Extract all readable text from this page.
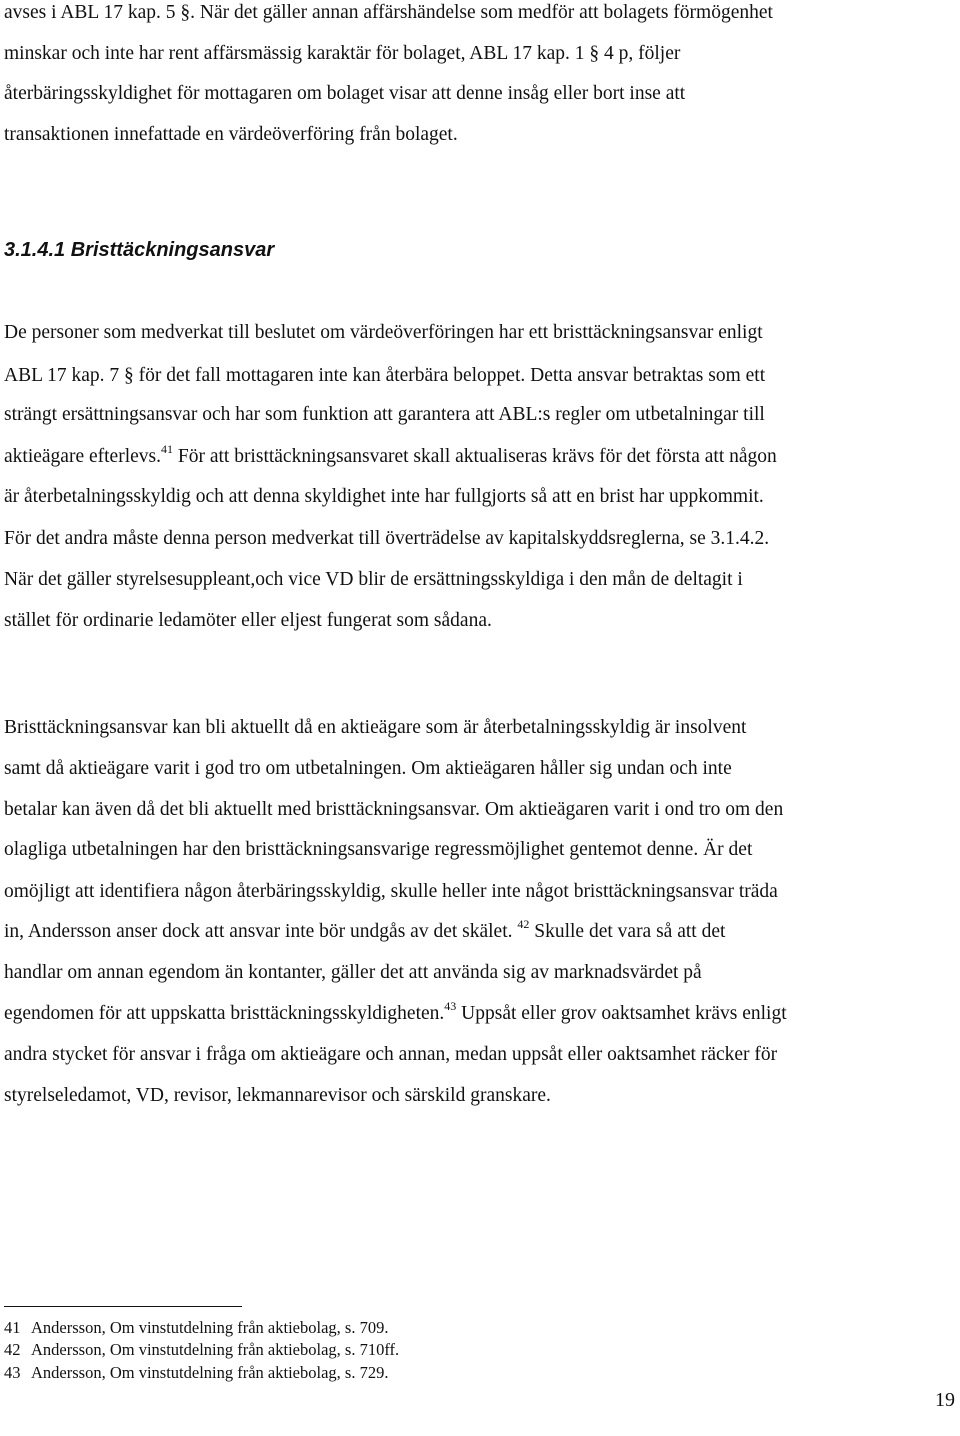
avses i ABL 17 kap. 5 §. När det gäller annan affärshändelse som medför att bolagets förmögenhet
minskar och inte har rent affärsmässig karaktär för bolaget, ABL 17 kap. 1 § 4 p, följer
återbäringsskyldighet för mottagaren om bolaget visar att denne insåg eller bort inse att
transaktionen innefattade en värdeöverföring från bolaget.
3.1.4.1 Bristtäckningsansvar
De personer som medverkat till beslutet om värdeöverföringen har ett bristtäckningsansvar enligt
ABL 17 kap. 7 § för det fall mottagaren inte kan återbära beloppet. Detta ansvar betraktas som ett
strängt ersättningsansvar och har som funktion att garantera att ABL:s regler om utbetalningar till
aktieägare efterlevs.$^{41}$ För att bristtäckningsansvaret skall aktualiseras krävs för det första att någon
är återbetalningsskyldig och att denna skyldighet inte har fullgjorts så att en brist har uppkommit.
För det andra måste denna person medverkat till överträdelse av kapitalskyddsreglerna, se 3.1.4.2.
När det gäller styrelsesuppleant,och vice VD blir de ersättningsskyldiga i den mån de deltagit i
stället för ordinarie ledamöter eller eljest fungerat som sådana.
Bristtäckningsansvar kan bli aktuellt då en aktieägare som är återbetalningsskyldig är insolvent
samt då aktieägare varit i god tro om utbetalningen. Om aktieägaren håller sig undan och inte
betalar kan även då det bli aktuellt med bristtäckningsansvar. Om aktieägaren varit i ond tro om den
olagliga utbetalningen har den bristtäckningsansvarige regressmöjlighet gentemot denne. Är det
omöjligt att identifiera någon återbäringsskyldig, skulle heller inte något bristtäckningsansvar träda
in, Andersson anser dock att ansvar inte bör undgås av det skälet. $^{42}$ Skulle det vara så att det
handlar om annan egendom än kontanter, gäller det att använda sig av marknadsvärdet på
egendomen för att uppskatta bristtäckningsskyldigheten.$^{43}$ Uppsåt eller grov oaktsamhet krävs enligt
andra stycket för ansvar i fråga om aktieägare och annan, medan uppsåt eller oaktsamhet räcker för
styrelseledamot, VD, revisor, lekmannarevisor och särskild granskare.
41 Andersson, Om vinstutdelning från aktiebolag, s. 709.
42 Andersson, Om vinstutdelning från aktiebolag, s. 710ff.
43 Andersson, Om vinstutdelning från aktiebolag, s. 729.
19
